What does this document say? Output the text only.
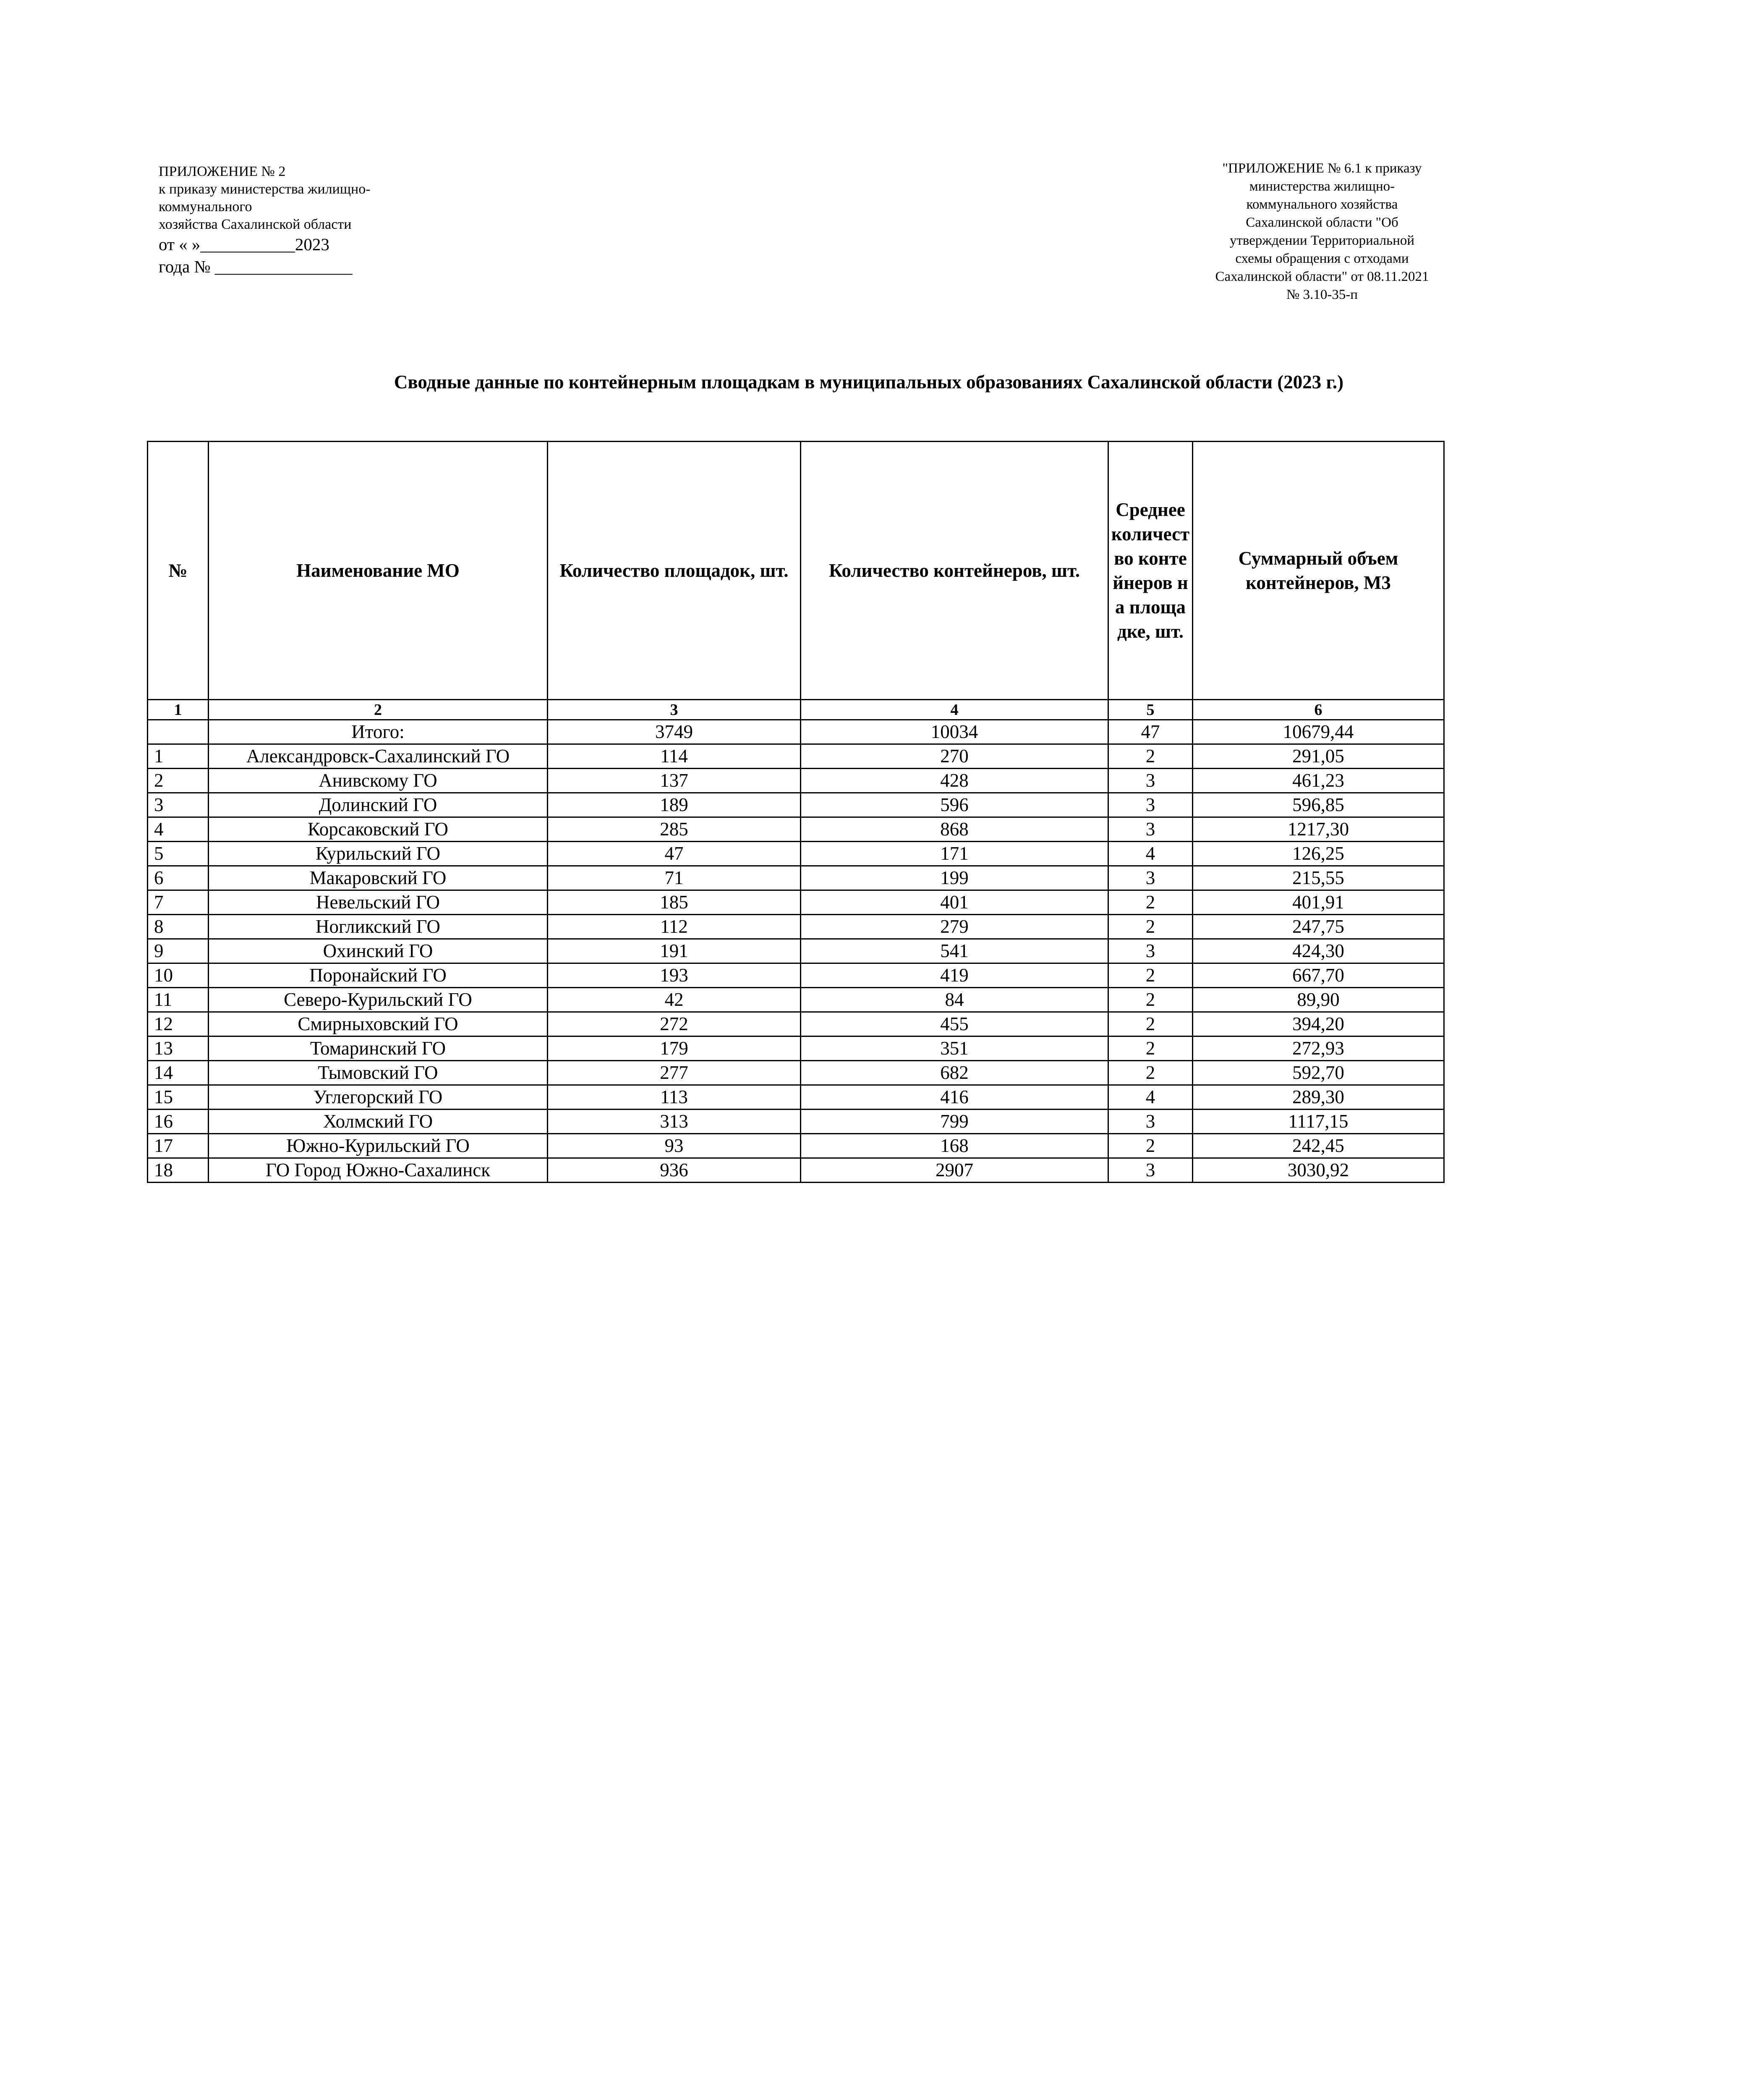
ПРИЛОЖЕНИЕ № 2
к приказу министерства жилищно-
коммунального
хозяйства Сахалинской области
от « »___________2023
года № ________________
"ПРИЛОЖЕНИЕ № 6.1 к приказу
министерства жилищно-
коммунального хозяйства
Сахалинской области "Об
утверждении Территориальной
схемы обращения с отходами
Сахалинской области" от 08.11.2021
№ 3.10-35-п
Сводные данные по контейнерным площадкам в муниципальных образованиях Сахалинской области (2023 г.)
№	Наименование МО	Количество площадок, шт.	Количество контейнеров, шт.	Среднее количество контейнеров на площадке, шт.	Суммарный объем контейнеров, М3

1	2	3	4	5	6
	Итого:	3749	10034	47	10679,44
1	Александровск-Сахалинский ГО	114	270	2	291,05
2	Анивскому ГО	137	428	3	461,23
3	Долинский ГО	189	596	3	596,85
4	Корсаковский ГО	285	868	3	1217,30
5	Курильский ГО	47	171	4	126,25
6	Макаровский ГО	71	199	3	215,55
7	Невельский ГО	185	401	2	401,91
8	Ногликский ГО	112	279	2	247,75
9	Охинский ГО	191	541	3	424,30
10	Поронайский ГО	193	419	2	667,70
11	Северо-Курильский ГО	42	84	2	89,90
12	Смирныховский ГО	272	455	2	394,20
13	Томаринский ГО	179	351	2	272,93
14	Тымовский ГО	277	682	2	592,70
15	Углегорский ГО	113	416	4	289,30
16	Холмский ГО	313	799	3	1117,15
17	Южно-Курильский ГО	93	168	2	242,45
18	ГО Город Южно-Сахалинск	936	2907	3	3030,92
